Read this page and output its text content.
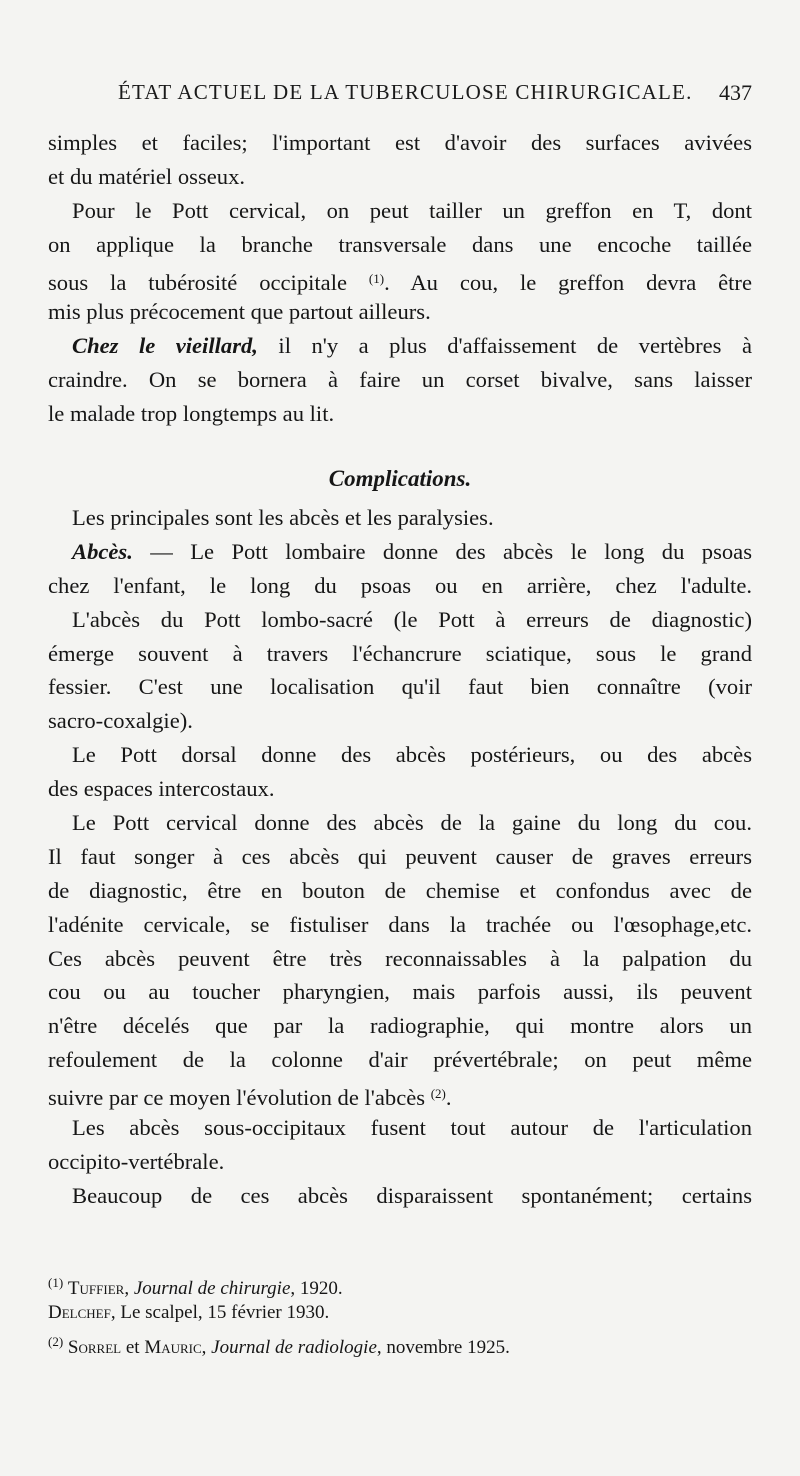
ÉTAT ACTUEL DE LA TUBERCULOSE CHIRURGICALE. 437
simples et faciles; l'important est d'avoir des surfaces avivées
et du matériel osseux.
Pour le Pott cervical, on peut tailler un greffon en T, dont
on applique la branche transversale dans une encoche taillée
sous la tubérosité occipitale $^{(1)}$. Au cou, le greffon devra être
mis plus précocement que partout ailleurs.
Chez le vieillard, il n'y a plus d'affaissement de vertèbres à
craindre. On se bornera à faire un corset bivalve, sans laisser
le malade trop longtemps au lit.
Complications.
Les principales sont les abcès et les paralysies.
Abcès. — Le Pott lombaire donne des abcès le long du psoas
chez l'enfant, le long du psoas ou en arrière, chez l'adulte.
L'abcès du Pott lombo-sacré (le Pott à erreurs de diagnostic)
émerge souvent à travers l'échancrure sciatique, sous le grand
fessier. C'est une localisation qu'il faut bien connaître (voir
sacro-coxalgie).
Le Pott dorsal donne des abcès postérieurs, ou des abcès
des espaces intercostaux.
Le Pott cervical donne des abcès de la gaine du long du cou.
Il faut songer à ces abcès qui peuvent causer de graves erreurs
de diagnostic, être en bouton de chemise et confondus avec de
l'adénite cervicale, se fistuliser dans la trachée ou l'œsophage,etc.
Ces abcès peuvent être très reconnaissables à la palpation du
cou ou au toucher pharyngien, mais parfois aussi, ils peuvent
n'être décelés que par la radiographie, qui montre alors un
refoulement de la colonne d'air prévertébrale; on peut même
suivre par ce moyen l'évolution de l'abcès $^{(2)}$.
Les abcès sous-occipitaux fusent tout autour de l'articulation
occipito-vertébrale.
Beaucoup de ces abcès disparaissent spontanément; certains
$^{(1)}$ Tuffier, Journal de chirurgie, 1920.
Delchef, Le scalpel, 15 février 1930.
$^{(2)}$ Sorrel et Mauric, Journal de radiologie, novembre 1925.
